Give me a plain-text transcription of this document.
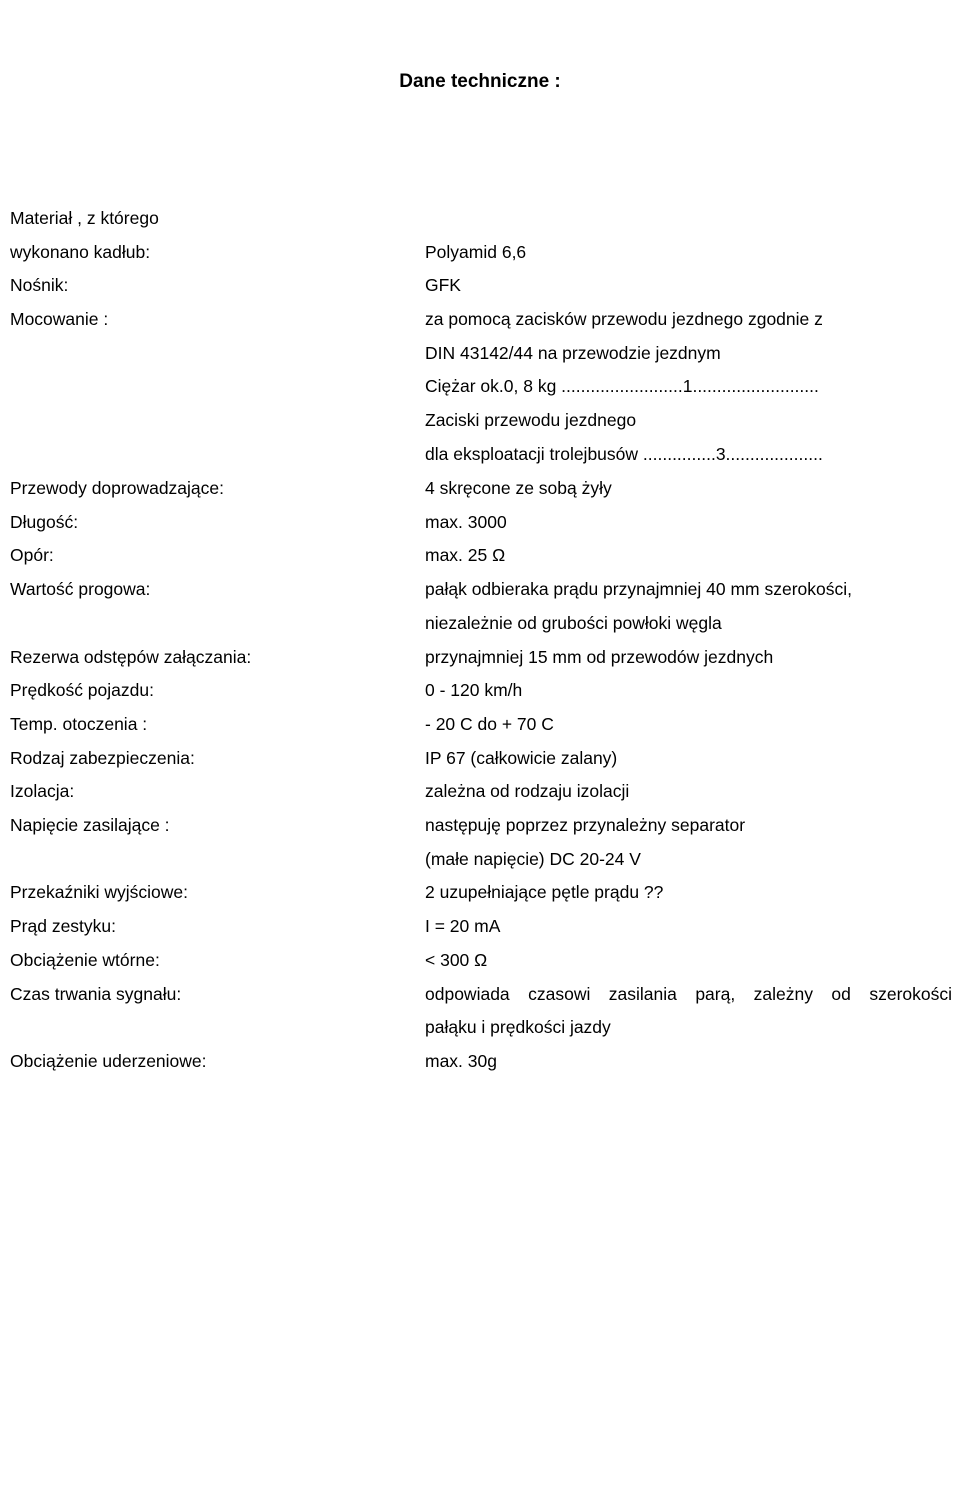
Dane techniczne :
Materiał , z którego
wykonano kadłub:	Polyamid 6,6
Nośnik:	GFK
Mocowanie :	za pomocą zacisków przewodu jezdnego zgodnie z
DIN 43142/44 na przewodzie jezdnym
Ciężar ok.0, 8 kg .........................1..........................
Zaciski przewodu jezdnego
dla eksploatacji trolejbusów ...............3....................
Przewody doprowadzające:	4 skręcone ze sobą żyły
Długość:	max. 3000
Opór:	max. 25 Ω
Wartość progowa:	pałąk odbieraka prądu przynajmniej 40 mm szerokości,
niezależnie od grubości powłoki węgla
Rezerwa odstępów załączania:	przynajmniej 15 mm od przewodów jezdnych
Prędkość pojazdu:	0 - 120 km/h
Temp. otoczenia :	- 20 C do + 70 C
Rodzaj zabezpieczenia:	IP 67 (całkowicie zalany)
Izolacja:	zależna od rodzaju izolacji
Napięcie zasilające :	następuję poprzez przynależny separator
(małe napięcie) DC 20-24 V
Przekaźniki wyjściowe:	2 uzupełniające pętle prądu ??
Prąd zestyku:	I = 20 mA
Obciążenie wtórne:	< 300 Ω
Czas trwania sygnału:	odpowiada czasowi zasilania parą, zależny od szerokości
pałąku i prędkości jazdy
Obciążenie uderzeniowe:	max. 30g
